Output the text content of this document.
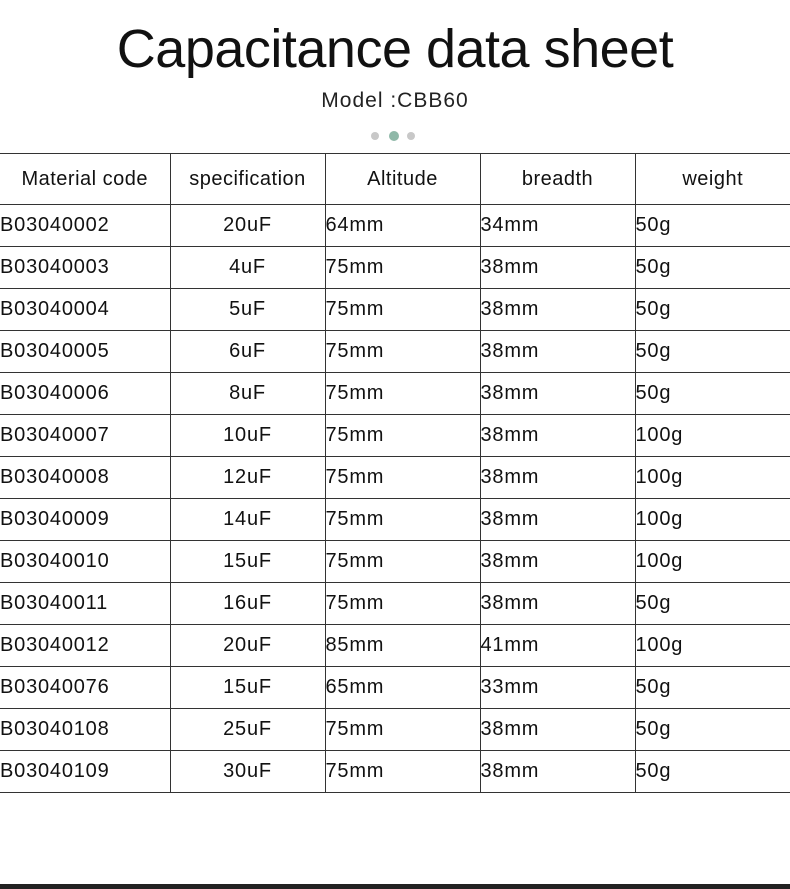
Capacitance data sheet
Model :CBB60
Material code	specification	Altitude	breadth	weight
B03040002	20uF	64mm	34mm	50g
B03040003	4uF	75mm	38mm	50g
B03040004	5uF	75mm	38mm	50g
B03040005	6uF	75mm	38mm	50g
B03040006	8uF	75mm	38mm	50g
B03040007	10uF	75mm	38mm	100g
B03040008	12uF	75mm	38mm	100g
B03040009	14uF	75mm	38mm	100g
B03040010	15uF	75mm	38mm	100g
B03040011	16uF	75mm	38mm	50g
B03040012	20uF	85mm	41mm	100g
B03040076	15uF	65mm	33mm	50g
B03040108	25uF	75mm	38mm	50g
B03040109	30uF	75mm	38mm	50g
